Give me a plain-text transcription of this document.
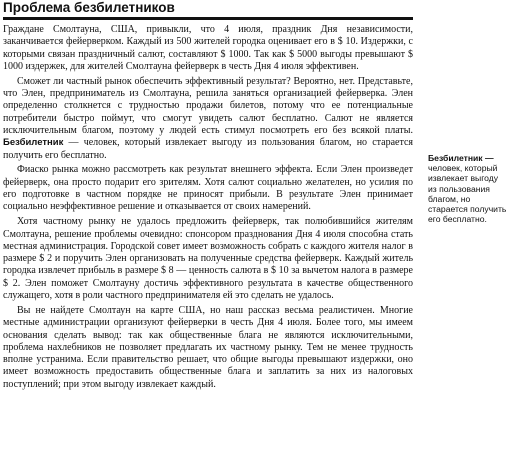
Проблема безбилетников

Граждане Смолтауна, США, привыкли, что 4 июля, праздник Дня независимости, заканчивается фейерверком. Каждый из 500 жителей городка оценивает его в $ 10. Издержки, с которыми связан праздничный салют, составляют $ 1000. Так как $ 5000 выгоды превышают $ 1000 издержек, для жителей Смолтауна фейерверк в честь Дня 4 июля эффективен.

Сможет ли частный рынок обеспечить эффективный результат? Вероятно, нет. Представьте, что Элен, предприниматель из Смолтауна, решила заняться организацией фейерверка. Элен определенно столкнется с трудностью продажи билетов, потому что ее потенциальные потребители быстро поймут, что смогут увидеть салют бесплатно. Салют не является исключительным благом, поэтому у людей есть стимул посмотреть его без всякой платы. Безбилетник — человек, который извлекает выгоду из пользования благом, но старается получить его бесплатно.

Фиаско рынка можно рассмотреть как результат внешнего эффекта. Если Элен произведет фейерверк, она просто подарит его зрителям. Хотя салют социально желателен, но усилия по его подготовке в частном порядке не приносят прибыли. В результате Элен принимает социально неэффективное решение и отказывается от своих намерений.

Хотя частному рынку не удалось предложить фейерверк, так полюбившийся жителям Смолтауна, решение проблемы очевидно: спонсором празднования Дня 4 июля способна стать местная администрация. Городской совет имеет возможность собрать с каждого жителя налог в размере $ 2 и поручить Элен организовать на полученные средства фейерверк. Каждый житель городка извлечет прибыль в размере $ 8 — ценность салюта в $ 10 за вычетом налога в размере $ 2. Элен поможет Смолтауну достичь эффективного результата в качестве общественного служащего, хотя в роли частного предпринимателя ей это сделать не удалось.

Вы не найдете Смолтаун на карте США, но наш рассказ весьма реалистичен. Многие местные администрации организуют фейерверки в честь Дня 4 июля. Более того, мы имеем основания сделать вывод: так как общественные блага не являются исключительными, проблема нахлебников не позволяет предлагать их частному рынку. Тем не менее трудность вполне устранима. Если правительство решает, что общие выгоды превышают издержки, оно имеет возможность предоставить общественные блага и заплатить за них из налоговых поступлений; при этом выгоду извлекает каждый.

Безбилетник — человек, который извлекает выгоду из пользования благом, но старается получить его бесплатно.
